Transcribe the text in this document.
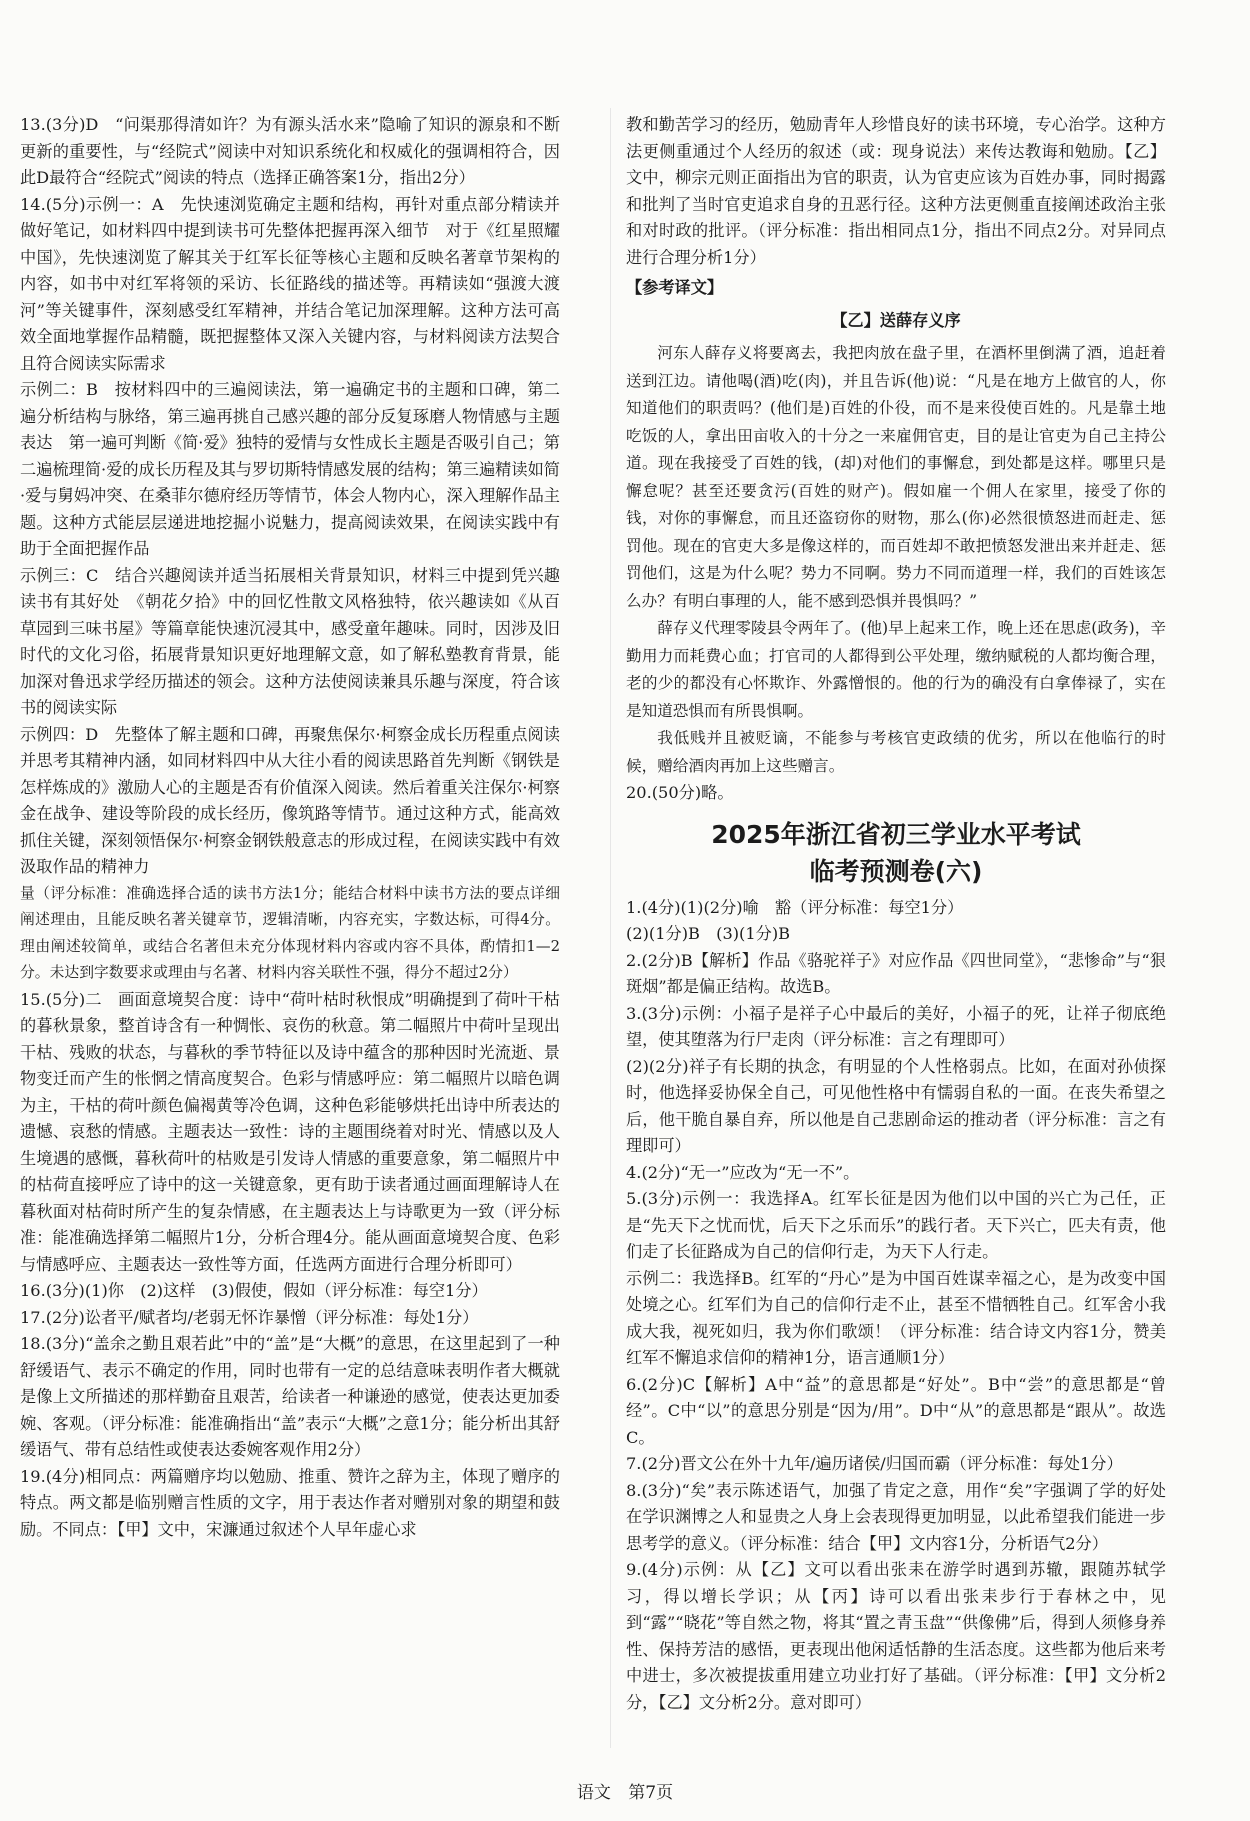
13.(3分)D　“问渠那得清如许？为有源头活水来”隐喻了知识的源泉和不断更新的重要性，与“经院式”阅读中对知识系统化和权威化的强调相符合，因此D最符合“经院式”阅读的特点（选择正确答案1分，指出2分）

14.(5分)示例一：A　先快速浏览确定主题和结构，再针对重点部分精读并做好笔记，如材料四中提到读书可先整体把握再深入细节　对于《红星照耀中国》，先快速浏览了解其关于红军长征等核心主题和反映名著章节架构的内容，如书中对红军将领的采访、长征路线的描述等。再精读如“强渡大渡河”等关键事件，深刻感受红军精神，并结合笔记加深理解。这种方法可高效全面地掌握作品精髓，既把握整体又深入关键内容，与材料阅读方法契合且符合阅读实际需求

示例二：B　按材料四中的三遍阅读法，第一遍确定书的主题和口碑，第二遍分析结构与脉络，第三遍再挑自己感兴趣的部分反复琢磨人物情感与主题表达　第一遍可判断《简·爱》独特的爱情与女性成长主题是否吸引自己；第二遍梳理简·爱的成长历程及其与罗切斯特情感发展的结构；第三遍精读如简·爱与舅妈冲突、在桑菲尔德府经历等情节，体会人物内心，深入理解作品主题。这种方式能层层递进地挖掘小说魅力，提高阅读效果，在阅读实践中有助于全面把握作品

示例三：C　结合兴趣阅读并适当拓展相关背景知识，材料三中提到凭兴趣读书有其好处　《朝花夕拾》中的回忆性散文风格独特，依兴趣读如《从百草园到三味书屋》等篇章能快速沉浸其中，感受童年趣味。同时，因涉及旧时代的文化习俗，拓展背景知识更好地理解文意，如了解私塾教育背景，能加深对鲁迅求学经历描述的领会。这种方法使阅读兼具乐趣与深度，符合该书的阅读实际

示例四：D　先整体了解主题和口碑，再聚焦保尔·柯察金成长历程重点阅读并思考其精神内涵，如同材料四中从大往小看的阅读思路首先判断《钢铁是怎样炼成的》激励人心的主题是否有价值深入阅读。然后着重关注保尔·柯察金在战争、建设等阶段的成长经历，像筑路等情节。通过这种方式，能高效抓住关键，深刻领悟保尔·柯察金钢铁般意志的形成过程，在阅读实践中有效汲取作品的精神力

量（评分标准：准确选择合适的读书方法1分；能结合材料中读书方法的要点详细阐述理由，且能反映名著关键章节，逻辑清晰，内容充实，字数达标，可得4分。理由阐述较简单，或结合名著但未充分体现材料内容或内容不具体，酌情扣1—2分。未达到字数要求或理由与名著、材料内容关联性不强，得分不超过2分）

15.(5分)二　画面意境契合度：诗中“荷叶枯时秋恨成”明确提到了荷叶干枯的暮秋景象，整首诗含有一种惆怅、哀伤的秋意。第二幅照片中荷叶呈现出干枯、残败的状态，与暮秋的季节特征以及诗中蕴含的那种因时光流逝、景物变迁而产生的怅惘之情高度契合。色彩与情感呼应：第二幅照片以暗色调为主，干枯的荷叶颜色偏褐黄等冷色调，这种色彩能够烘托出诗中所表达的遗憾、哀愁的情感。主题表达一致性：诗的主题围绕着对时光、情感以及人生境遇的感慨，暮秋荷叶的枯败是引发诗人情感的重要意象，第二幅照片中的枯荷直接呼应了诗中的这一关键意象，更有助于读者通过画面理解诗人在暮秋面对枯荷时所产生的复杂情感，在主题表达上与诗歌更为一致（评分标准：能准确选择第二幅照片1分，分析合理4分。能从画面意境契合度、色彩与情感呼应、主题表达一致性等方面，任选两方面进行合理分析即可）

16.(3分)(1)你　(2)这样　(3)假使，假如（评分标准：每空1分）

17.(2分)讼者平/赋者均/老弱无怀诈暴憎（评分标准：每处1分）

18.(3分)“盖余之勤且艰若此”中的“盖”是“大概”的意思，在这里起到了一种舒缓语气、表示不确定的作用，同时也带有一定的总结意味表明作者大概就是像上文所描述的那样勤奋且艰苦，给读者一种谦逊的感觉，使表达更加委婉、客观。（评分标准：能准确指出“盖”表示“大概”之意1分；能分析出其舒缓语气、带有总结性或使表达委婉客观作用2分）

19.(4分)相同点：两篇赠序均以勉励、推重、赞许之辞为主，体现了赠序的特点。两文都是临别赠言性质的文字，用于表达作者对赠别对象的期望和鼓励。不同点：【甲】文中，宋濂通过叙述个人早年虚心求

教和勤苦学习的经历，勉励青年人珍惜良好的读书环境，专心治学。这种方法更侧重通过个人经历的叙述（或：现身说法）来传达教诲和勉励。【乙】文中，柳宗元则正面指出为官的职责，认为官吏应该为百姓办事，同时揭露和批判了当时官吏追求自身的丑恶行径。这种方法更侧重直接阐述政治主张和对时政的批评。（评分标准：指出相同点1分，指出不同点2分。对异同点进行合理分析1分）

【参考译文】
【乙】送薛存义序

河东人薛存义将要离去，我把肉放在盘子里，在酒杯里倒满了酒，追赶着送到江边。请他喝(酒)吃(肉)，并且告诉(他)说：“凡是在地方上做官的人，你知道他们的职责吗？(他们是)百姓的仆役，而不是来役使百姓的。凡是靠土地吃饭的人，拿出田亩收入的十分之一来雇佣官吏，目的是让官吏为自己主持公道。现在我接受了百姓的钱，(却)对他们的事懈怠，到处都是这样。哪里只是懈怠呢？甚至还要贪污(百姓的财产)。假如雇一个佣人在家里，接受了你的钱，对你的事懈怠，而且还盗窃你的财物，那么(你)必然很愤怒进而赶走、惩罚他。现在的官吏大多是像这样的，而百姓却不敢把愤怒发泄出来并赶走、惩罚他们，这是为什么呢？势力不同啊。势力不同而道理一样，我们的百姓该怎么办？有明白事理的人，能不感到恐惧并畏惧吗？”

薛存义代理零陵县令两年了。(他)早上起来工作，晚上还在思虑(政务)，辛勤用力而耗费心血；打官司的人都得到公平处理，缴纳赋税的人都均衡合理，老的少的都没有心怀欺诈、外露憎恨的。他的行为的确没有白拿俸禄了，实在是知道恐惧而有所畏惧啊。

我低贱并且被贬谪，不能参与考核官吏政绩的优劣，所以在他临行的时候，赠给酒肉再加上这些赠言。

20.(50分)略。

2025年浙江省初三学业水平考试
临考预测卷(六)

1.(4分)(1)(2分)喻　豁（评分标准：每空1分）

(2)(1分)B　(3)(1分)B

2.(2分)B【解析】作品《骆驼祥子》对应作品《四世同堂》，“悲惨命”与“狠斑烟”都是偏正结构。故选B。

3.(3分)示例：小福子是祥子心中最后的美好，小福子的死，让祥子彻底绝望，使其堕落为行尸走肉（评分标准：言之有理即可）

(2)(2分)祥子有长期的执念，有明显的个人性格弱点。比如，在面对孙侦探时，他选择妥协保全自己，可见他性格中有懦弱自私的一面。在丧失希望之后，他干脆自暴自弃，所以他是自己悲剧命运的推动者（评分标准：言之有理即可）

4.(2分)“无一”应改为“无一不”。

5.(3分)示例一：我选择A。红军长征是因为他们以中国的兴亡为己任，正是“先天下之忧而忧，后天下之乐而乐”的践行者。天下兴亡，匹夫有责，他们走了长征路成为自己的信仰行走，为天下人行走。

示例二：我选择B。红军的“丹心”是为中国百姓谋幸福之心，是为改变中国处境之心。红军们为自己的信仰行走不止，甚至不惜牺牲自己。红军舍小我成大我，视死如归，我为你们歌颂！（评分标准：结合诗文内容1分，赞美红军不懈追求信仰的精神1分，语言通顺1分）

6.(2分)C【解析】A中“益”的意思都是“好处”。B中“尝”的意思都是“曾经”。C中“以”的意思分别是“因为/用”。D中“从”的意思都是“跟从”。故选C。

7.(2分)晋文公在外十九年/遍历诸侯/归国而霸（评分标准：每处1分）

8.(3分)“矣”表示陈述语气，加强了肯定之意，用作“矣”字强调了学的好处在学识渊博之人和显贵之人身上会表现得更加明显，以此希望我们能进一步思考学的意义。（评分标准：结合【甲】文内容1分，分析语气2分）

9.(4分)示例：从【乙】文可以看出张耒在游学时遇到苏辙，跟随苏轼学习，得以增长学识；从【丙】诗可以看出张耒步行于春林之中，见到“露”“晓花”等自然之物，将其“置之青玉盘”“供像佛”后，得到人须修身养性、保持芳洁的感悟，更表现出他闲适恬静的生活态度。这些都为他后来考中进士，多次被提拔重用建立功业打好了基础。（评分标准：【甲】文分析2分，【乙】文分析2分。意对即可）

语文 第7页
